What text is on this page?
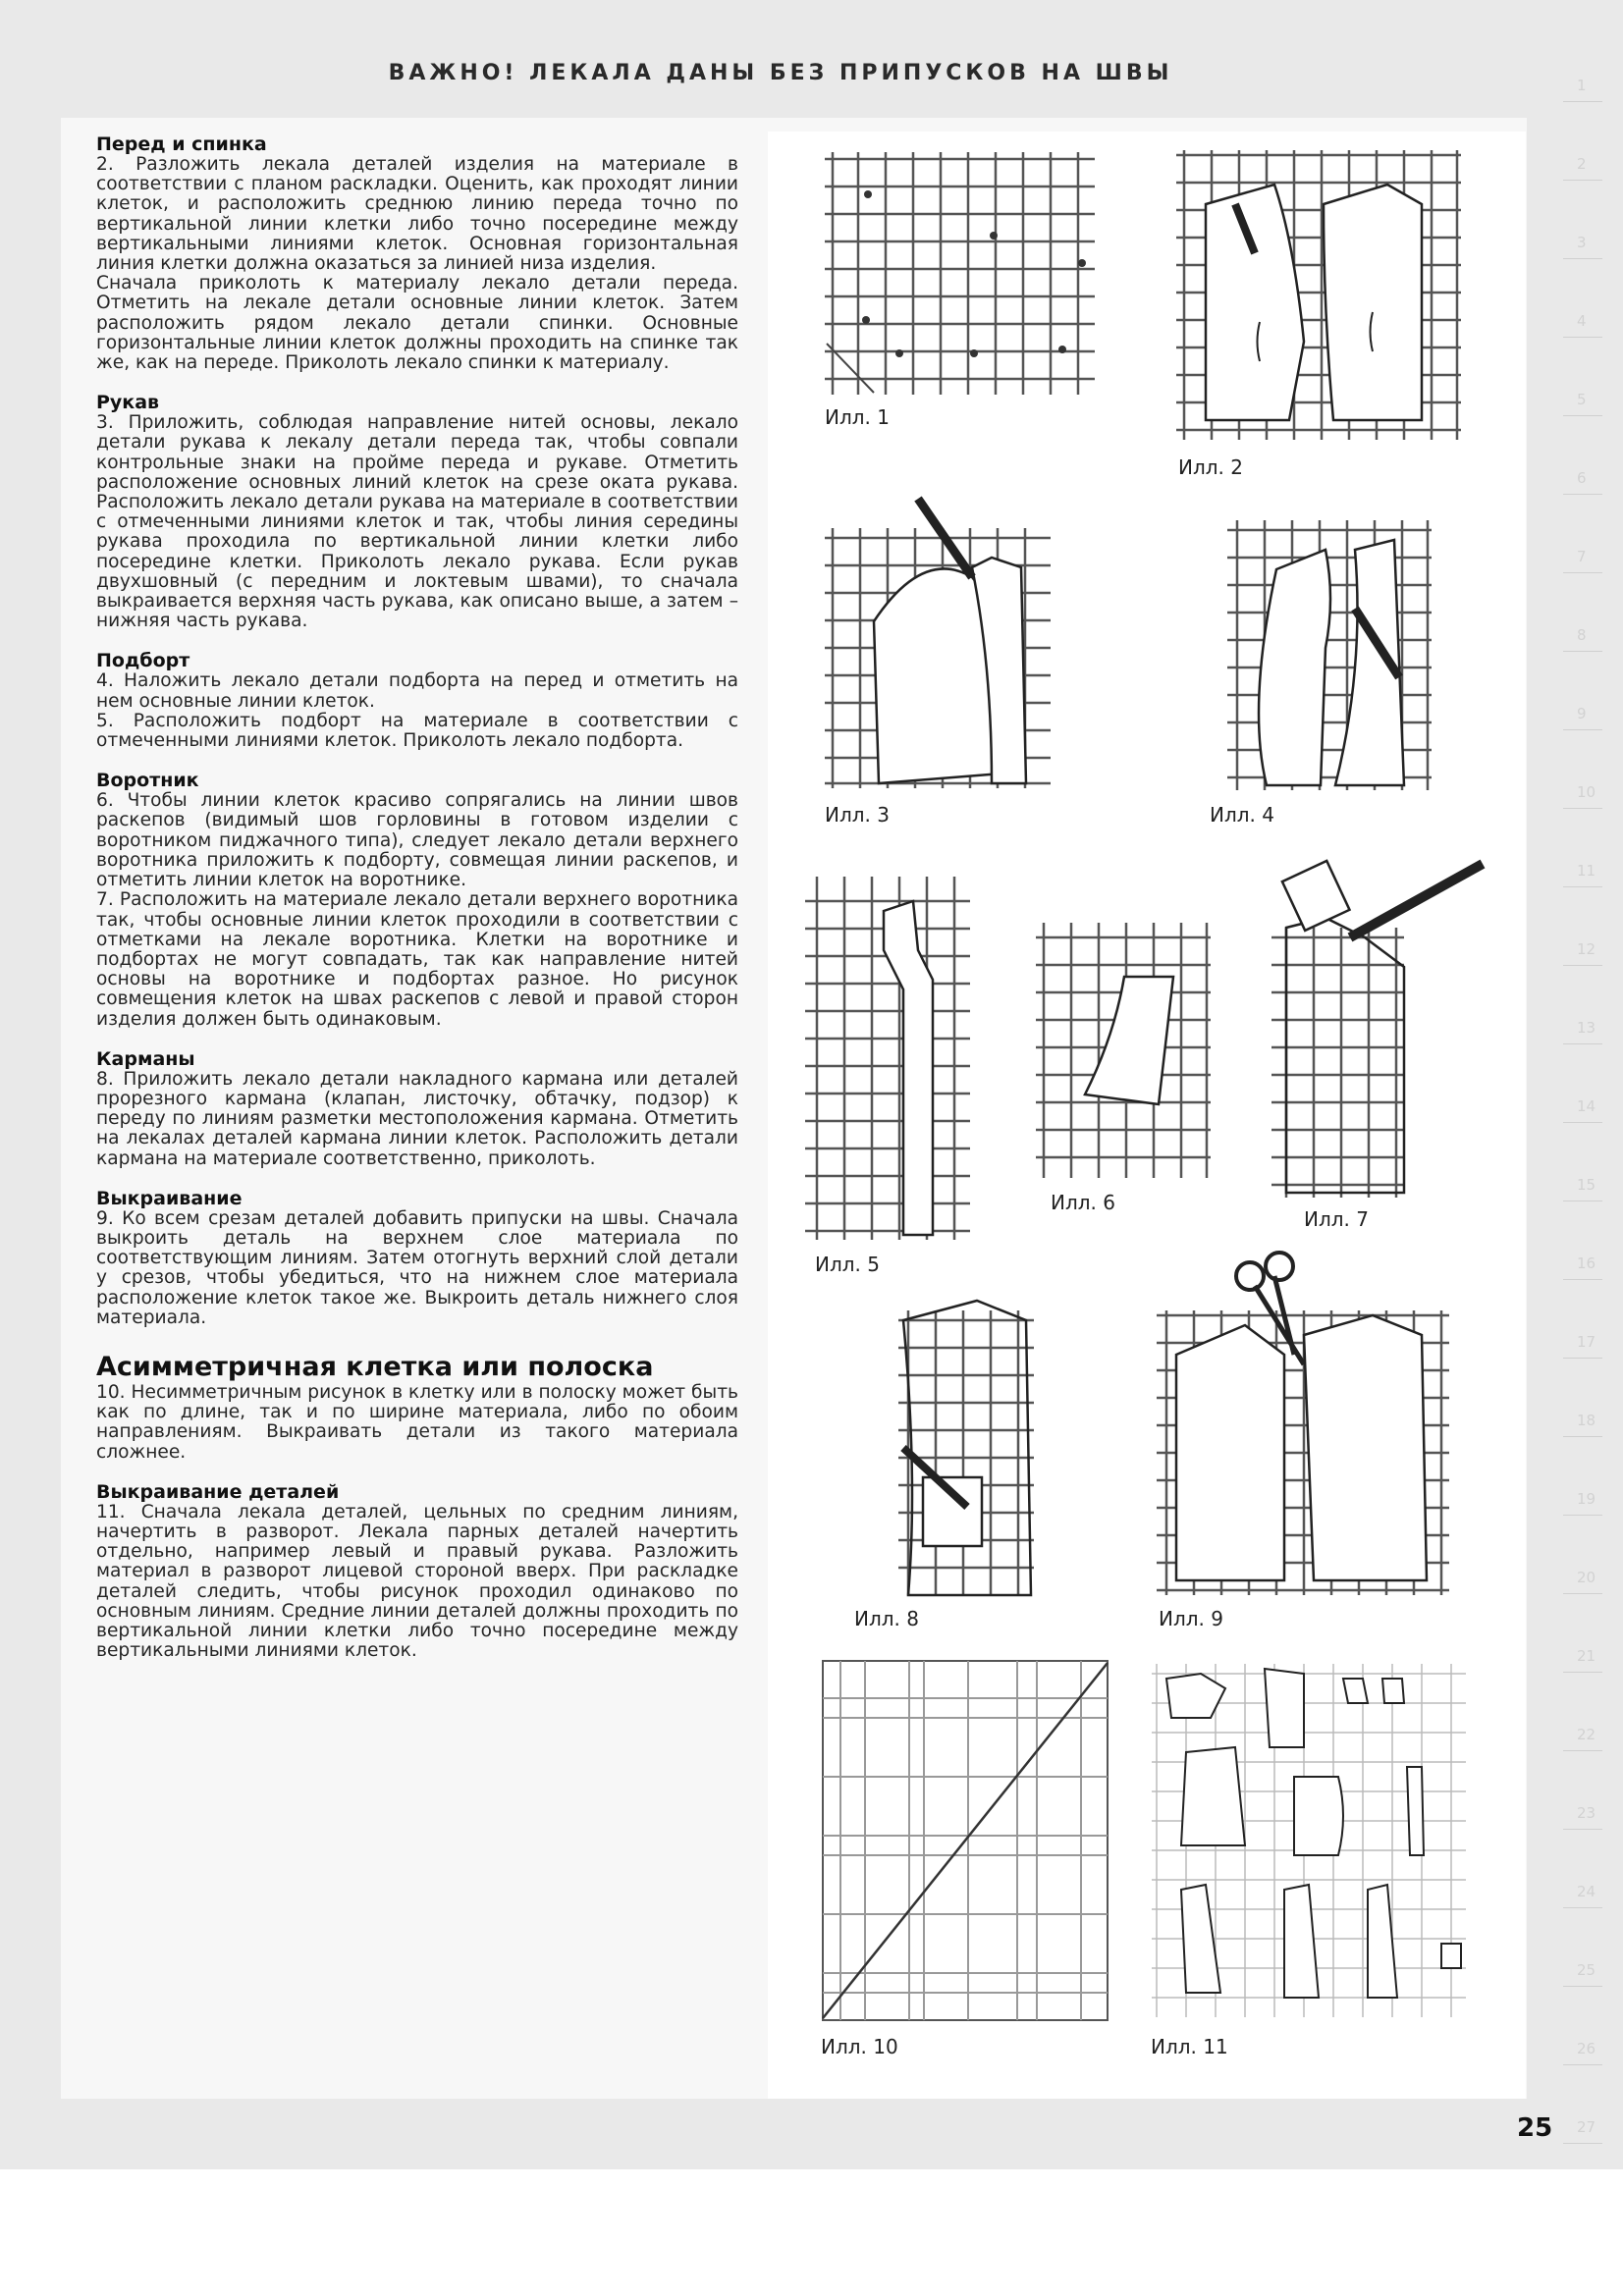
ВАЖНО! ЛЕКАЛА ДАНЫ БЕЗ ПРИПУСКОВ НА ШВЫ	1
2
3
4
5
6
7
8
9
10
11
12
13
14
15
16
17
18
19
20
21
22
23
24
25
26
27
Перед и спинка

2. Разложить лекала деталей изделия на материале в соответствии с планом раскладки. Оценить, как проходят линии клеток, и расположить среднюю линию переда точно по вертикальной линии клетки либо точно посередине между вертикальными линиями клеток. Основная горизонтальная линия клетки должна оказаться за линией низа изделия.

Сначала приколоть к материалу лекало детали переда. Отметить на лекале детали основные линии клеток. Затем расположить рядом лекало детали спинки. Основные горизонтальные линии клеток должны проходить на спинке так же, как на переде. Приколоть лекало спинки к материалу.

Рукав

3. Приложить, соблюдая направление нитей основы, лекало детали рукава к лекалу детали переда так, чтобы совпали контрольные знаки на пройме переда и рукаве. Отметить расположение основных линий клеток на срезе оката рукава. Расположить лекало детали рукава на материале в соответствии с отмеченными линиями клеток и так, чтобы линия середины рукава проходила по вертикальной линии клетки либо посередине клетки. Приколоть лекало рукава. Если рукав двухшовный (с передним и локтевым швами), то сначала выкраивается верхняя часть рукава, как описано выше, а затем – нижняя часть рукава.

Подборт

4. Наложить лекало детали подборта на перед и отметить на нем основные линии клеток.

5. Расположить подборт на материале в соответствии с отмеченными линиями клеток. Приколоть лекало подборта.

Воротник

6. Чтобы линии клеток красиво сопрягались на линии швов раскепов (видимый шов горловины в готовом изделии с воротником пиджачного типа), следует лекало детали верхнего воротника приложить к подборту, совмещая линии раскепов, и отметить линии клеток на воротнике.

7. Расположить на материале лекало детали верхнего воротника так, чтобы основные линии клеток проходили в соответствии с отметками на лекале воротника. Клетки на воротнике и подбортах не могут совпадать, так как направление нитей основы на воротнике и подбортах разное. Но рисунок совмещения клеток на швах раскепов с левой и правой сторон изделия должен быть одинаковым.

Карманы

8. Приложить лекало детали накладного кармана или деталей прорезного кармана (клапан, листочку, обтачку, подзор) к переду по линиям разметки местоположения кармана. Отметить на лекалах деталей кармана линии клеток. Расположить детали кармана на материале соответственно, приколоть.

Выкраивание

9. Ко всем срезам деталей добавить припуски на швы. Сначала выкроить деталь на верхнем слое материала по соответствующим линиям. Затем отогнуть верхний слой детали у срезов, чтобы убедиться, что на нижнем слое материала расположение клеток такое же. Выкроить деталь нижнего слоя материала.

Асимметричная клетка или полоска

10. Несимметричным рисунок в клетку или в полоску может быть как по длине, так и по ширине материала, либо по обоим направлениям. Выкраивать детали из такого материала сложнее.

Выкраивание деталей

11. Сначала лекала деталей, цельных по средним линиям, начертить в разворот. Лекала парных деталей начертить отдельно, например левый и правый рукава. Разложить материал в разворот лицевой стороной вверх. При раскладке деталей следить, чтобы рисунок проходил одинаково по основным линиям. Средние линии деталей должны проходить по вертикальной линии клетки либо точно посередине между вертикальными линиями клеток.

Илл. 1
Илл. 2
Илл. 3	Илл. 4
Илл. 5
Илл. 6
Илл. 7
Илл. 8	Илл. 9
Илл. 10	Илл. 11
25
